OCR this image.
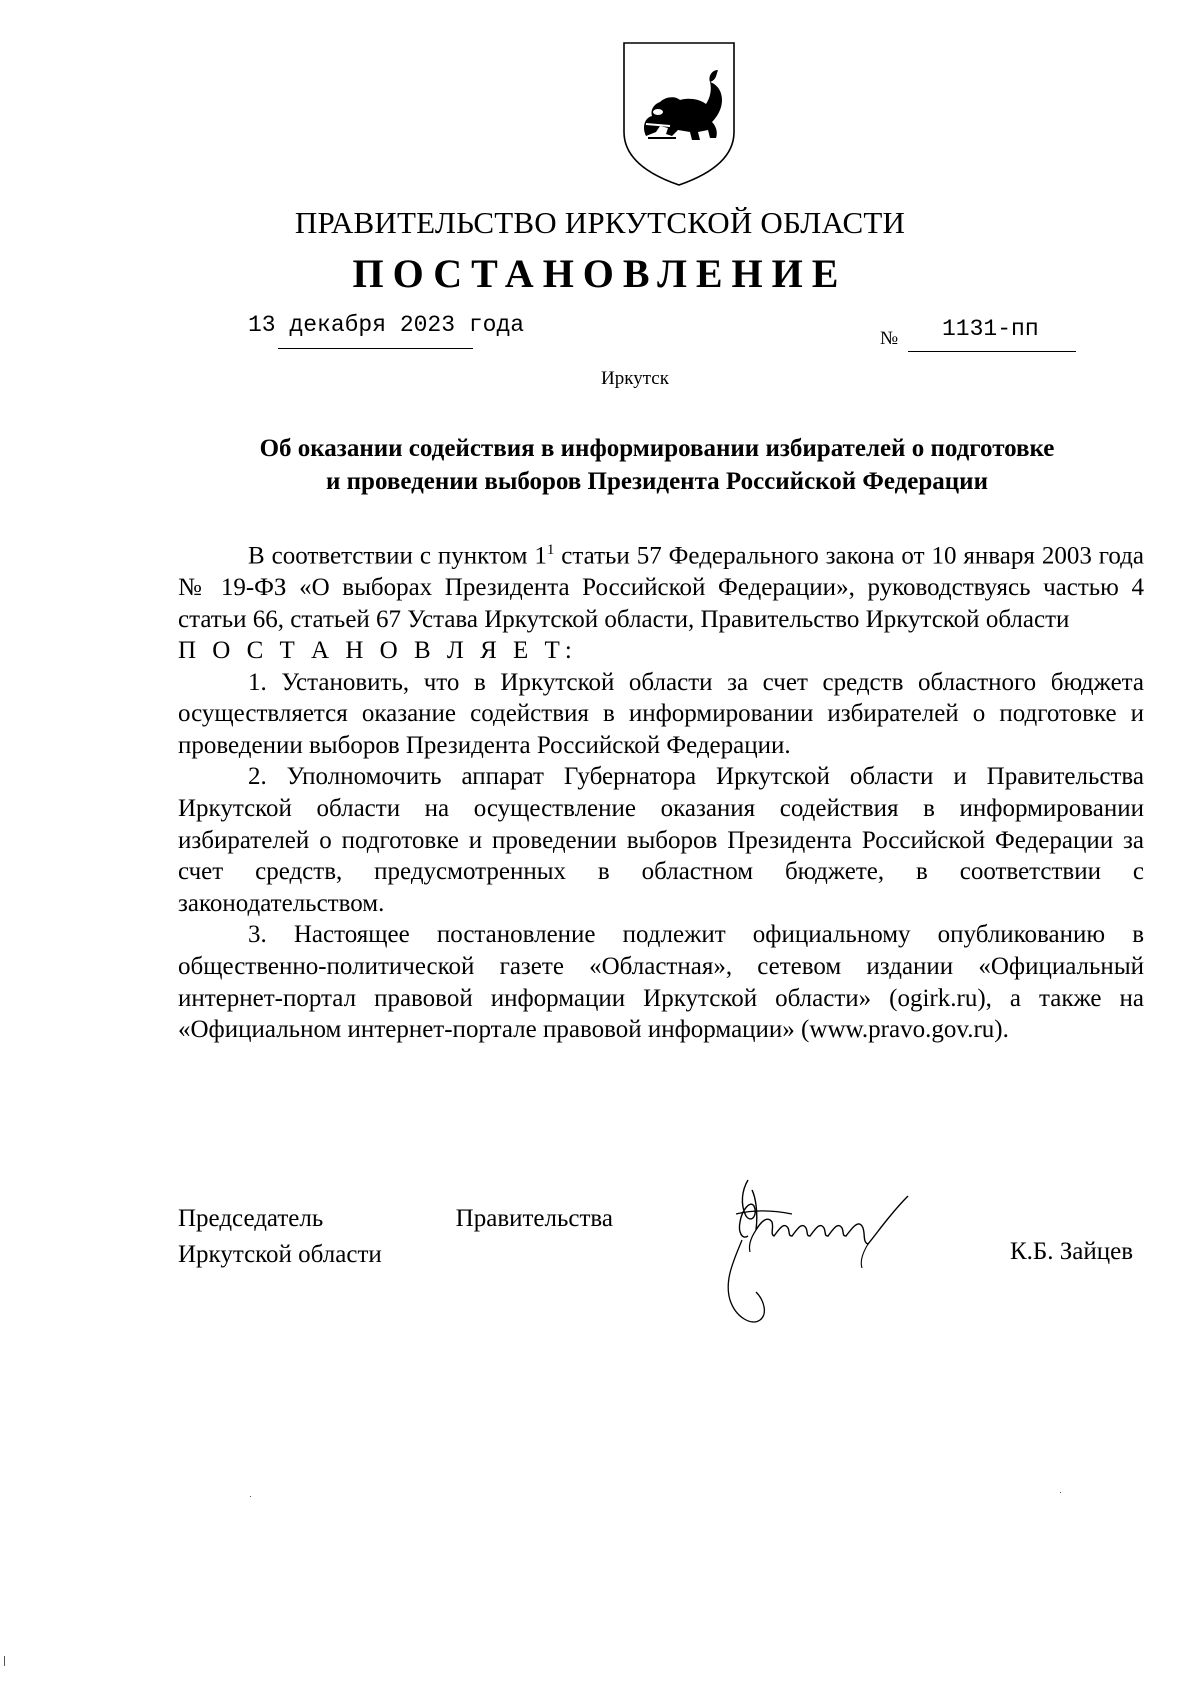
ПРАВИТЕЛЬСТВО ИРКУТСКОЙ ОБЛАСТИ
ПОСТАНОВЛЕНИЕ
13 декабря 2023 года
№ 1131-пп
Иркутск
Об оказании содействия в информировании избирателей о подготовке
и проведении выборов Президента Российской Федерации

В соответствии с пунктом $1^1$ статьи 57 Федерального закона от 10 января 2003 года № 19-ФЗ «О выборах Президента Российской Федерации», руководствуясь частью 4 статьи 66, статьей 67 Устава Иркутской области, Правительство Иркутской области

П О С Т А Н О В Л Я Е Т:

1. Установить, что в Иркутской области за счет средств областного бюджета осуществляется оказание содействия в информировании избирателей о подготовке и проведении выборов Президента Российской Федерации.

2. Уполномочить аппарат Губернатора Иркутской области и Правительства Иркутской области на осуществление оказания содействия в информировании избирателей о подготовке и проведении выборов Президента Российской Федерации за счет средств, предусмотренных в областном бюджете, в соответствии с законодательством.

3. Настоящее постановление подлежит официальному опубликованию в общественно-политической газете «Областная», сетевом издании «Официальный интернет-портал правовой информации Иркутской области» (ogirk.ru), а также на «Официальном интернет-портале правовой информации» (www.pravo.gov.ru).

Председатель	Правительства
Иркутской области	К.Б. Зайцев
